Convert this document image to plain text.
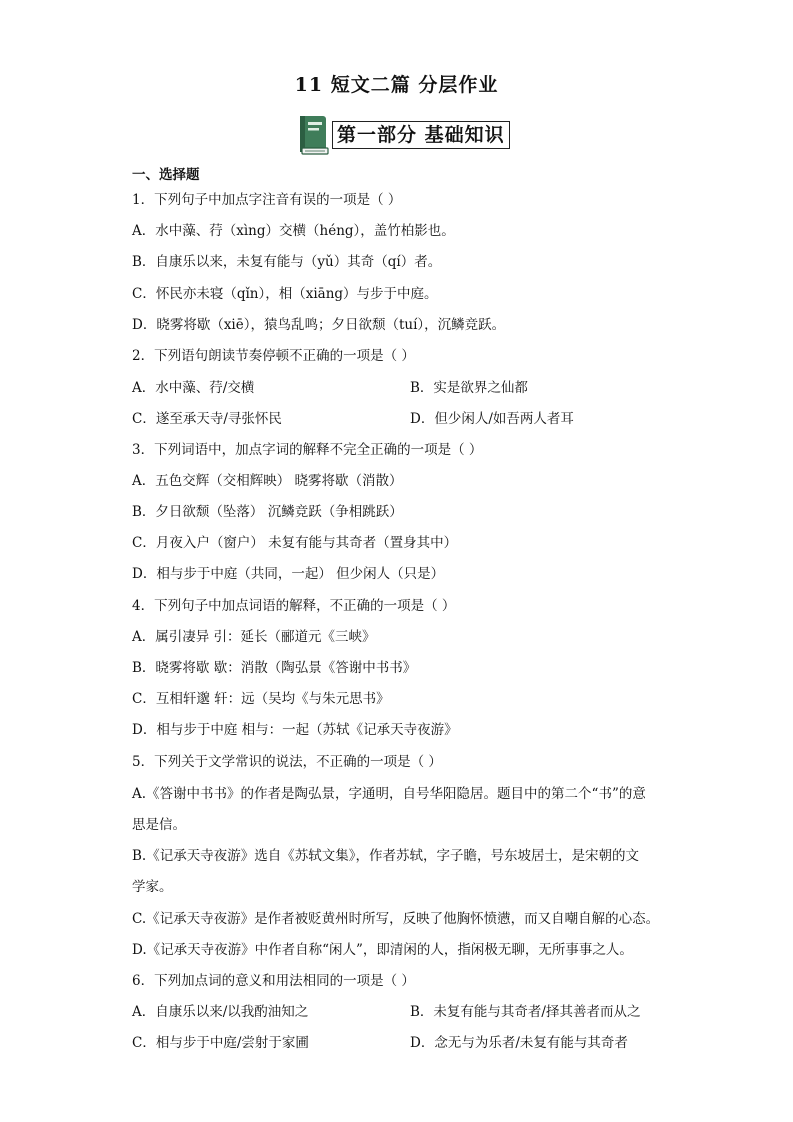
11 短文二篇 分层作业
第一部分 基础知识
一、选择题
1．下列句子中加点字注音有误的一项是（ ）
A．水中藻、荇（xìng）交横（héng），盖竹柏影也。
B．自康乐以来，未复有能与（yǔ）其奇（qí）者。
C．怀民亦未寝（qǐn），相（xiāng）与步于中庭。
D．晓雾将歇（xiē），猿鸟乱鸣；夕日欲颓（tuí），沉鳞竞跃。
2．下列语句朗读节奏停顿不正确的一项是（ ）
A．水中藻、荇/交横	B．实是欲界之仙都
C．遂至承天寺/寻张怀民	D．但少闲人/如吾两人者耳
3．下列词语中，加点字词的解释不完全正确的一项是（ ）
A．五色交辉（交相辉映） 晓雾将歇（消散）
B．夕日欲颓（坠落） 沉鳞竞跃（争相跳跃）
C．月夜入户（窗户） 未复有能与其奇者（置身其中）
D．相与步于中庭（共同，一起） 但少闲人（只是）
4．下列句子中加点词语的解释，不正确的一项是（ ）
A．属引凄异 引：延长（郦道元《三峡》
B．晓雾将歇 歇：消散（陶弘景《答谢中书书》
C．互相轩邈 轩：远（吴均《与朱元思书》
D．相与步于中庭 相与：一起（苏轼《记承天寺夜游》
5．下列关于文学常识的说法，不正确的一项是（ ）
A.《答谢中书书》的作者是陶弘景，字通明，自号华阳隐居。题目中的第二个“书”的意
思是信。
B.《记承天寺夜游》选自《苏轼文集》，作者苏轼，字子瞻，号东坡居士，是宋朝的文
学家。
C.《记承天寺夜游》是作者被贬黄州时所写，反映了他胸怀愤懑，而又自嘲自解的心态。
D.《记承天寺夜游》中作者自称“闲人”，即清闲的人，指闲极无聊，无所事事之人。
6．下列加点词的意义和用法相同的一项是（ ）
A．自康乐以来/以我酌油知之	B．未复有能与其奇者/择其善者而从之
C．相与步于中庭/尝射于家圃	D．念无与为乐者/未复有能与其奇者
